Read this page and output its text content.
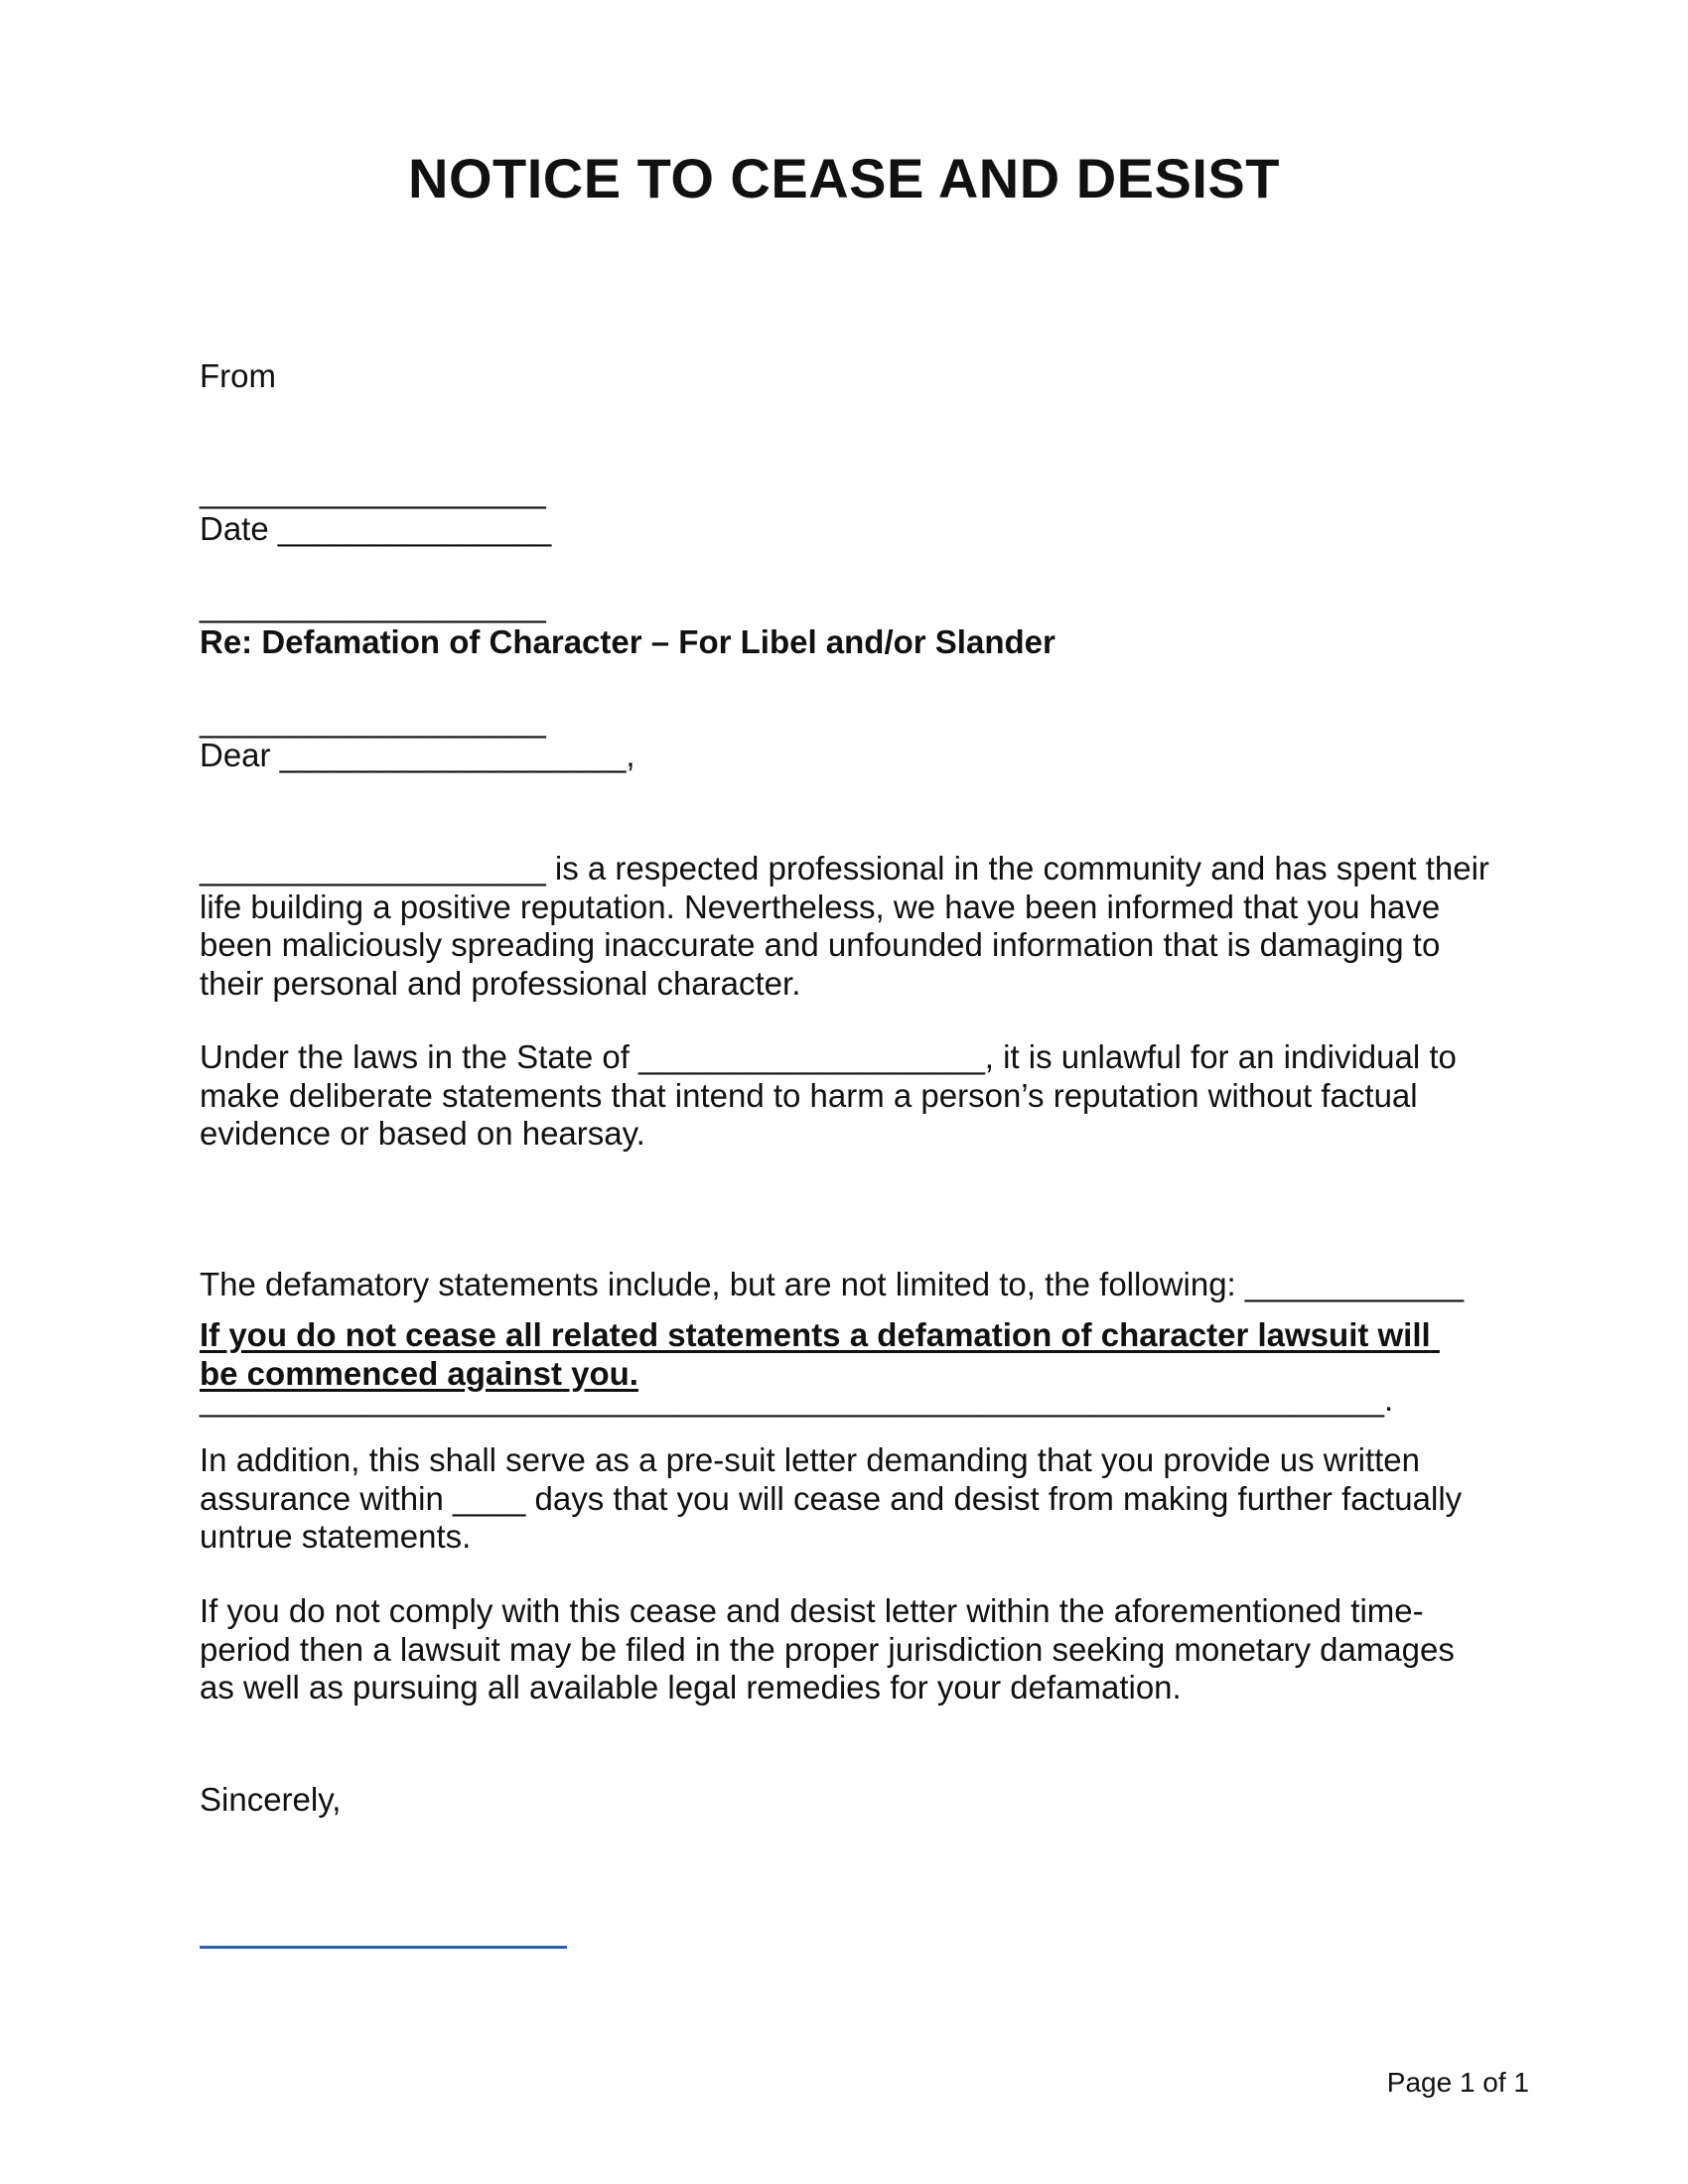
NOTICE TO CEASE AND DESIST

From

___________________

___________________

___________________

Date _______________
Re: Defamation of Character – For Libel and/or Slander
Dear ___________________,
___________________ is a respected professional in the community and has spent their life building a positive reputation. Nevertheless, we have been informed that you have been maliciously spreading inaccurate and unfounded information that is damaging to their personal and professional character.
Under the laws in the State of ___________________, it is unlawful for an individual to make deliberate statements that intend to harm a person’s reputation without factual evidence or based on hearsay.

The defamatory statements include, but are not limited to, the following: ____________

_________________________________________________________________.

If you do not cease all related statements a defamation of character lawsuit will be commenced against you.
In addition, this shall serve as a pre-suit letter demanding that you provide us written assurance within ____ days that you will cease and desist from making further factually untrue statements.
If you do not comply with this cease and desist letter within the aforementioned time-period then a lawsuit may be filed in the proper jurisdiction seeking monetary damages as well as pursuing all available legal remedies for your defamation.
Sincerely,
Page 1 of 1
